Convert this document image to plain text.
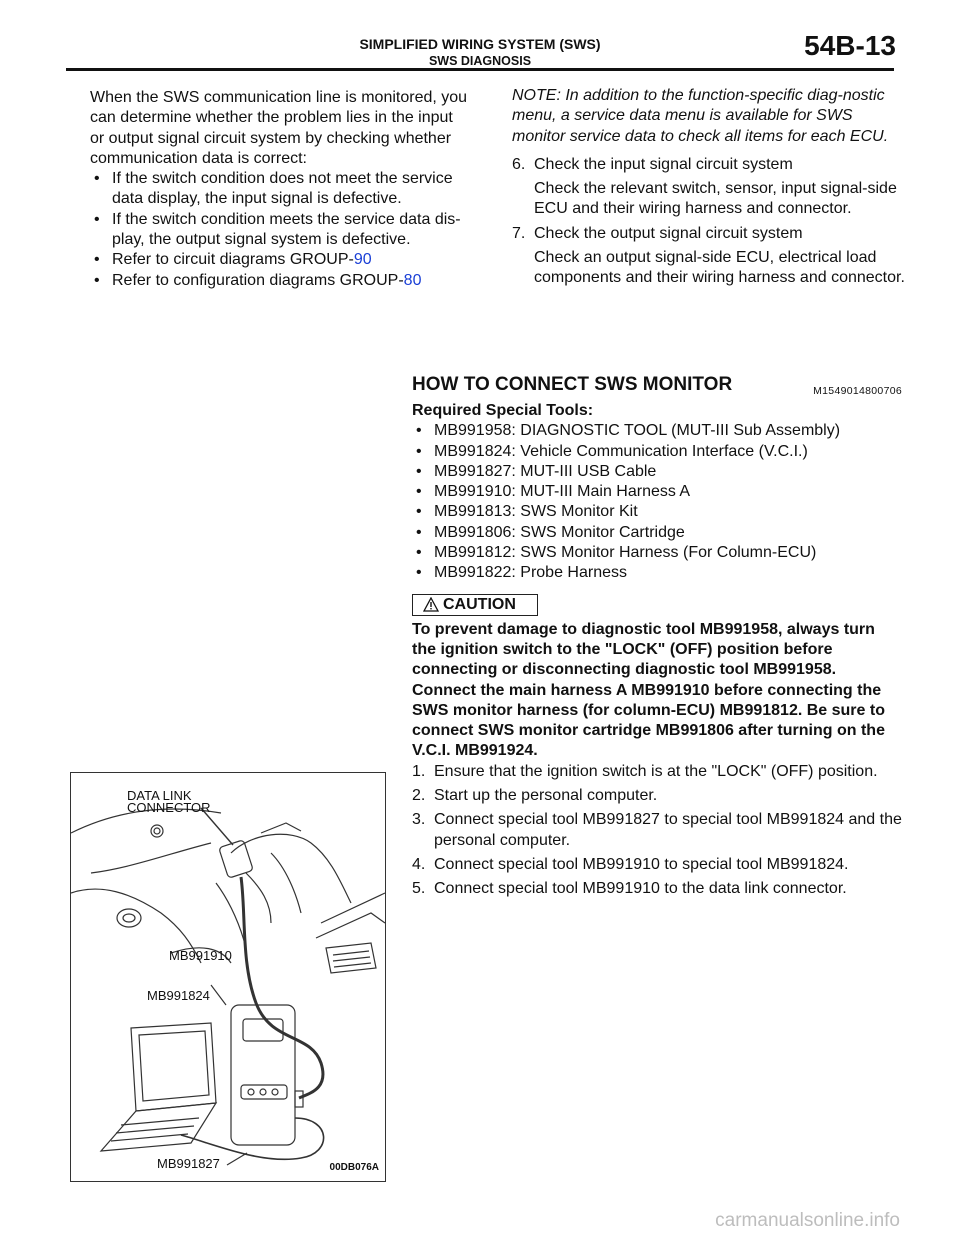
SIMPLIFIED WIRING SYSTEM (SWS)
SWS DIAGNOSIS	54B-13

When the SWS communication line is monitored, you can determine whether the problem lies in the input or output signal circuit system by checking whether communication data is correct:

• If the switch condition does not meet the service data display, the input signal is defective.
• If the switch condition meets the service data dis-play, the output signal system is defective.
• Refer to circuit diagrams GROUP-90
• Refer to configuration diagrams GROUP-80

NOTE: In addition to the function-specific diag-nostic menu, a service data menu is available for SWS monitor service data to check all items for each ECU.

6. Check the input signal circuit system
Check the relevant switch, sensor, input signal-side ECU and their wiring harness and connector.
7. Check the output signal circuit system
Check an output signal-side ECU, electrical load components and their wiring harness and connector.
HOW TO CONNECT SWS MONITOR	M1549014800706
Required Special Tools:
• MB991958: DIAGNOSTIC TOOL (MUT-III Sub Assembly)
• MB991824: Vehicle Communication Interface (V.C.I.)
• MB991827: MUT-III USB Cable
• MB991910: MUT-III Main Harness A
• MB991813: SWS Monitor Kit
• MB991806: SWS Monitor Cartridge
• MB991812: SWS Monitor Harness (For Column-ECU)
• MB991822: Probe Harness
CAUTION

To prevent damage to diagnostic tool MB991958, always turn the ignition switch to the "LOCK" (OFF) position before connecting or disconnecting diagnostic tool MB991958. Connect the main harness A MB991910 before connecting the SWS monitor harness (for column-ECU) MB991812. Be sure to connect SWS monitor cartridge MB991806 after turning on the V.C.I. MB991924.

1. Ensure that the ignition switch is at the "LOCK" (OFF) position.
2. Start up the personal computer.
3. Connect special tool MB991827 to special tool MB991824 and the personal computer.
4. Connect special tool MB991910 to special tool MB991824.
5. Connect special tool MB991910 to the data link connector.
DATA LINK
CONNECTOR
MB991910
MB991824
MB991827	00DB076A
carmanualsonline.info
